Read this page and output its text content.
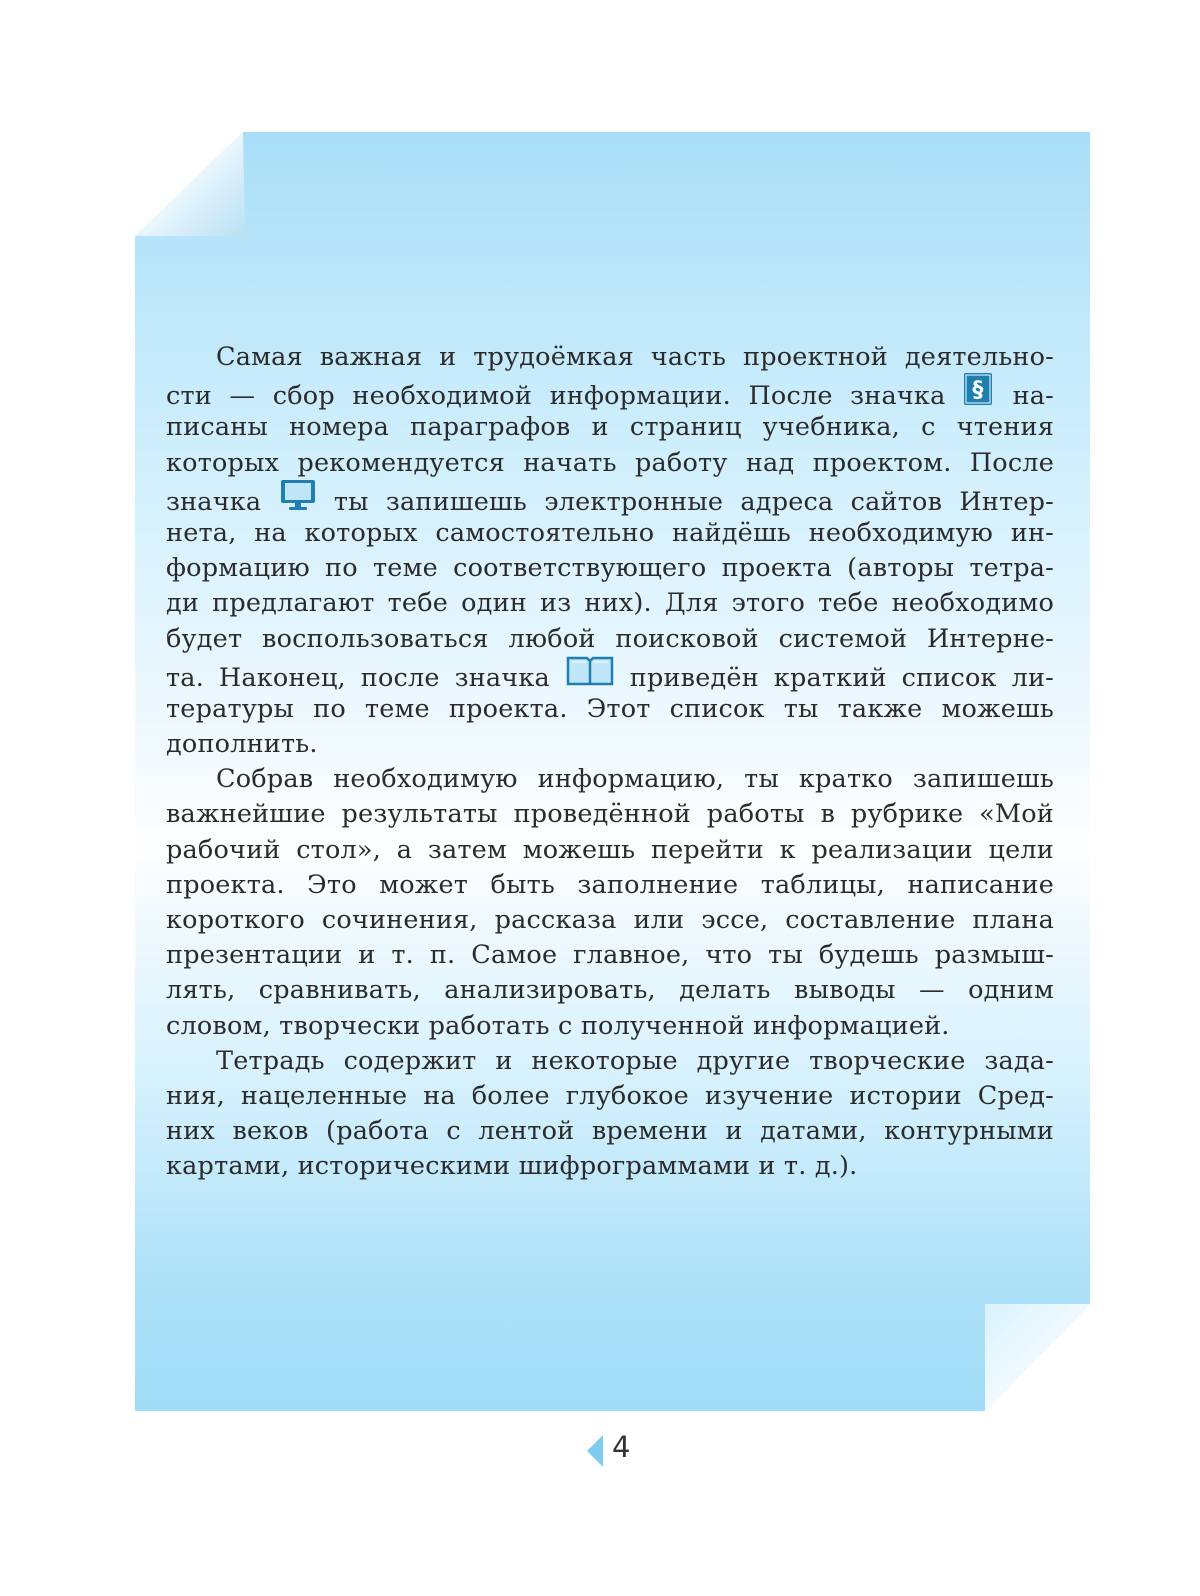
Самая важная и трудоёмкая часть проектной деятельно-
сти — сбор необходимой информации. После значка § на-
писаны номера параграфов и страниц учебника, с чтения
которых рекомендуется начать работу над проектом. После
значка	ты запишешь электронные адреса сайтов Интер-
нета, на которых самостоятельно найдёшь необходимую ин-
формацию по теме соответствующего проекта (авторы тетра-
ди предлагают тебе один из них). Для этого тебе необходимо
будет воспользоваться любой поисковой системой Интерне-
та. Наконец, после значка	приведён краткий список ли-
тературы по теме проекта. Этот список ты также можешь
дополнить.
Собрав необходимую информацию, ты кратко запишешь
важнейшие результаты проведённой работы в рубрике «Мой
рабочий стол», а затем можешь перейти к реализации цели
проекта. Это может быть заполнение таблицы, написание
короткого сочинения, рассказа или эссе, составление плана
презентации и т. п. Самое главное, что ты будешь размыш-
лять, сравнивать, анализировать, делать выводы — одним
словом, творчески работать с полученной информацией.
Тетрадь содержит и некоторые другие творческие зада-
ния, нацеленные на более глубокое изучение истории Сред-
них веков (работа с лентой времени и датами, контурными
картами, историческими шифрограммами и т. д.).
4
